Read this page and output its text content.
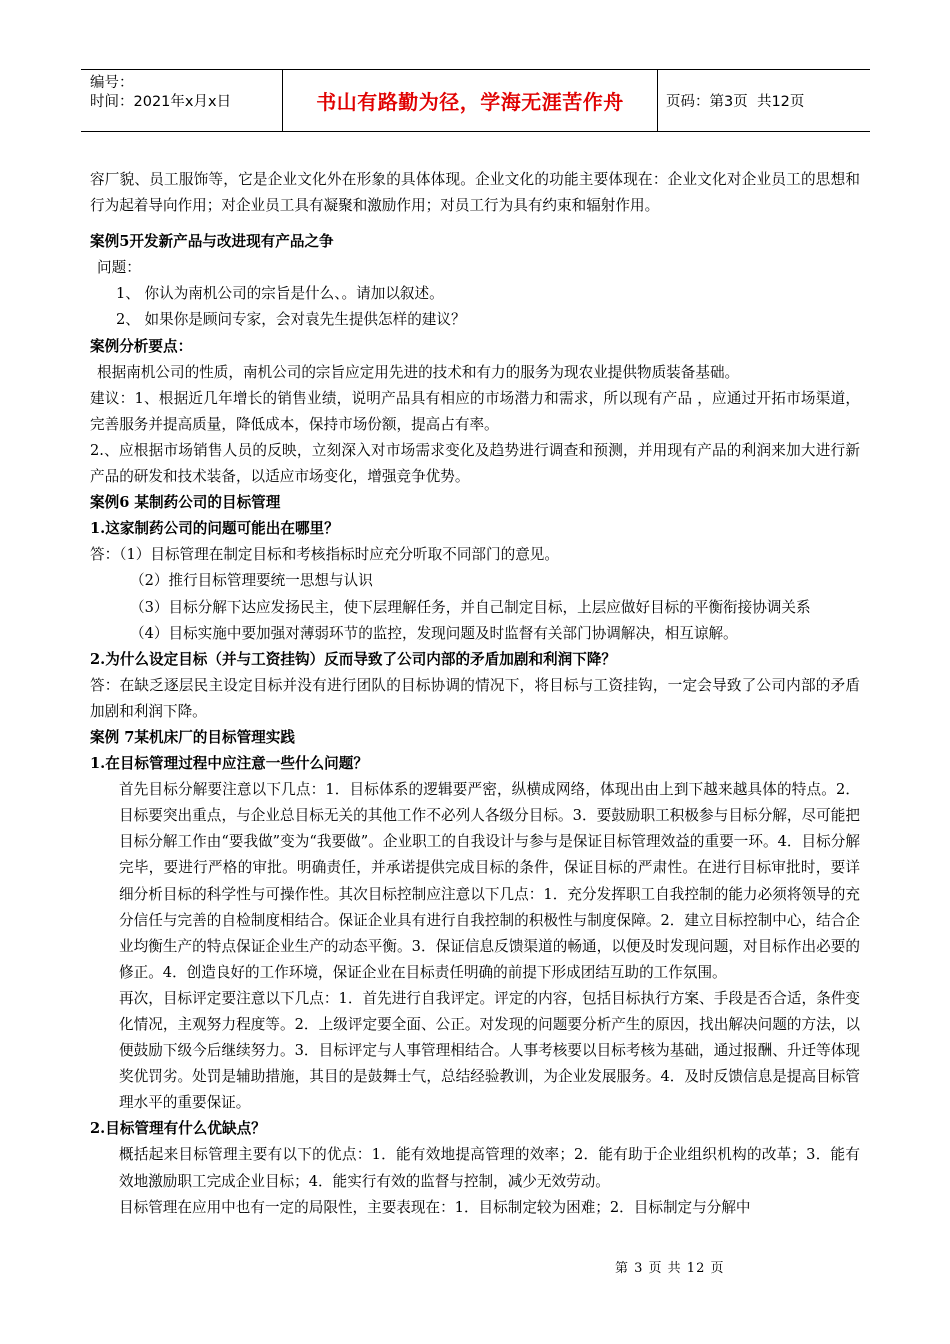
编号：
时间：2021年x月x日	书山有路勤为径，学海无涯苦作舟	页码：第3页  共12页

容厂貌、员工服饰等，它是企业文化外在形象的具体体现。企业文化的功能主要体现在：企业文化对企业员工的思想和行为起着导向作用；对企业员工具有凝聚和激励作用；对员工行为具有约束和辐射作用。

案例5开发新产品与改进现有产品之争

问题：

1、 你认为南机公司的宗旨是什么、。请加以叙述。

2、 如果你是顾问专家，会对袁先生提供怎样的建议？

案例分析要点：

根据南机公司的性质，南机公司的宗旨应定用先进的技术和有力的服务为现农业提供物质装备基础。

建议：1、根据近几年增长的销售业绩，说明产品具有相应的市场潜力和需求，所以现有产品 ，应通过开拓市场渠道，完善服务并提高质量，降低成本，保持市场份额，提高占有率。

2.、应根据市场销售人员的反映，立刻深入对市场需求变化及趋势进行调查和预测，并用现有产品的利润来加大进行新产品的研发和技术装备，以适应市场变化，增强竞争优势。

案例6 某制药公司的目标管理

1.这家制药公司的问题可能出在哪里？

答：（1）目标管理在制定目标和考核指标时应充分听取不同部门的意见。

（2）推行目标管理要统一思想与认识

（3）目标分解下达应发扬民主，使下层理解任务，并自己制定目标，上层应做好目标的平衡衔接协调关系

（4）目标实施中要加强对薄弱环节的监控，发现问题及时监督有关部门协调解决，相互谅解。

2.为什么设定目标（并与工资挂钩）反而导致了公司内部的矛盾加剧和利润下降？

答：在缺乏逐层民主设定目标并没有进行团队的目标协调的情况下，将目标与工资挂钩，一定会导致了公司内部的矛盾加剧和利润下降。

案例 7某机床厂的目标管理实践

1.在目标管理过程中应注意一些什么问题？

首先目标分解要注意以下几点：1．目标体系的逻辑要严密，纵横成网络，体现出由上到下越来越具体的特点。2．目标要突出重点，与企业总目标无关的其他工作不必列人各级分目标。3．要鼓励职工积极参与目标分解，尽可能把目标分解工作由“要我做”变为“我要做”。企业职工的自我设计与参与是保证目标管理效益的重要一环。4．目标分解完毕，要进行严格的审批。明确责任，并承诺提供完成目标的条件，保证目标的严肃性。在进行目标审批时，要详细分析目标的科学性与可操作性。其次目标控制应注意以下几点：1．充分发挥职工自我控制的能力必须将领导的充分信任与完善的自检制度相结合。保证企业具有进行自我控制的积极性与制度保障。2．建立目标控制中心，结合企业均衡生产的特点保证企业生产的动态平衡。3．保证信息反馈渠道的畅通，以便及时发现问题，对目标作出必要的修正。4．创造良好的工作环境，保证企业在目标责任明确的前提下形成团结互助的工作氛围。

再次，目标评定要注意以下几点：1．首先进行自我评定。评定的内容，包括目标执行方案、手段是否合适，条件变化情况，主观努力程度等。2．上级评定要全面、公正。对发现的问题要分析产生的原因，找出解决问题的方法，以便鼓励下级今后继续努力。3．目标评定与人事管理相结合。人事考核要以目标考核为基础，通过报酬、升迁等体现奖优罚劣。处罚是辅助措施，其目的是鼓舞士气，总结经验教训，为企业发展服务。4．及时反馈信息是提高目标管理水平的重要保证。

2.目标管理有什么优缺点？

概括起来目标管理主要有以下的优点：1．能有效地提高管理的效率；2．能有助于企业组织机构的改革；3．能有效地激励职工完成企业目标；4．能实行有效的监督与控制，减少无效劳动。

目标管理在应用中也有一定的局限性，主要表现在：1．目标制定较为困难；2．目标制定与分解中

第 3 页 共 12 页
